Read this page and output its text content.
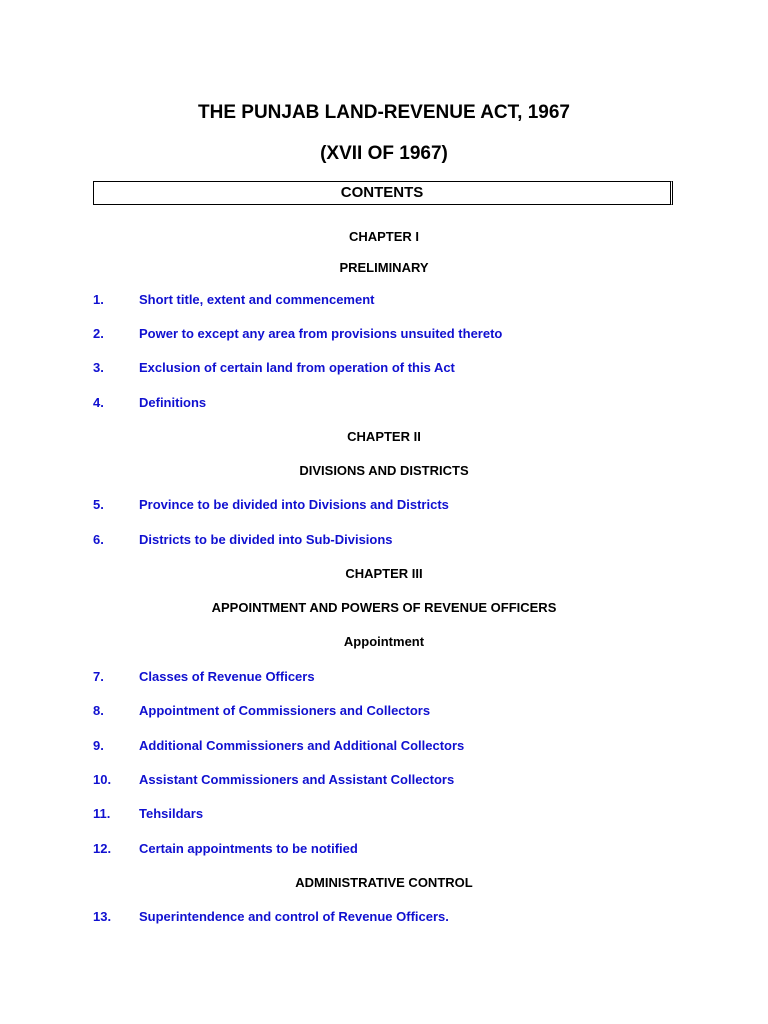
THE PUNJAB LAND-REVENUE ACT, 1967
(XVII OF 1967)
CONTENTS
CHAPTER I
PRELIMINARY
1.	Short title, extent and commencement
2.	Power to except any area from provisions unsuited thereto
3.	Exclusion of certain land from operation of this Act
4.	Definitions
CHAPTER II
DIVISIONS AND DISTRICTS
5.	Province to be divided into Divisions and Districts
6.	Districts to be divided into Sub-Divisions
CHAPTER III
APPOINTMENT AND POWERS OF REVENUE OFFICERS
Appointment
7.	Classes of Revenue Officers
8.	Appointment of Commissioners and Collectors
9.	Additional Commissioners and Additional Collectors
10. Assistant Commissioners and Assistant Collectors
11. Tehsildars
12. Certain appointments to be notified
ADMINISTRATIVE CONTROL
13. Superintendence and control of Revenue Officers.
